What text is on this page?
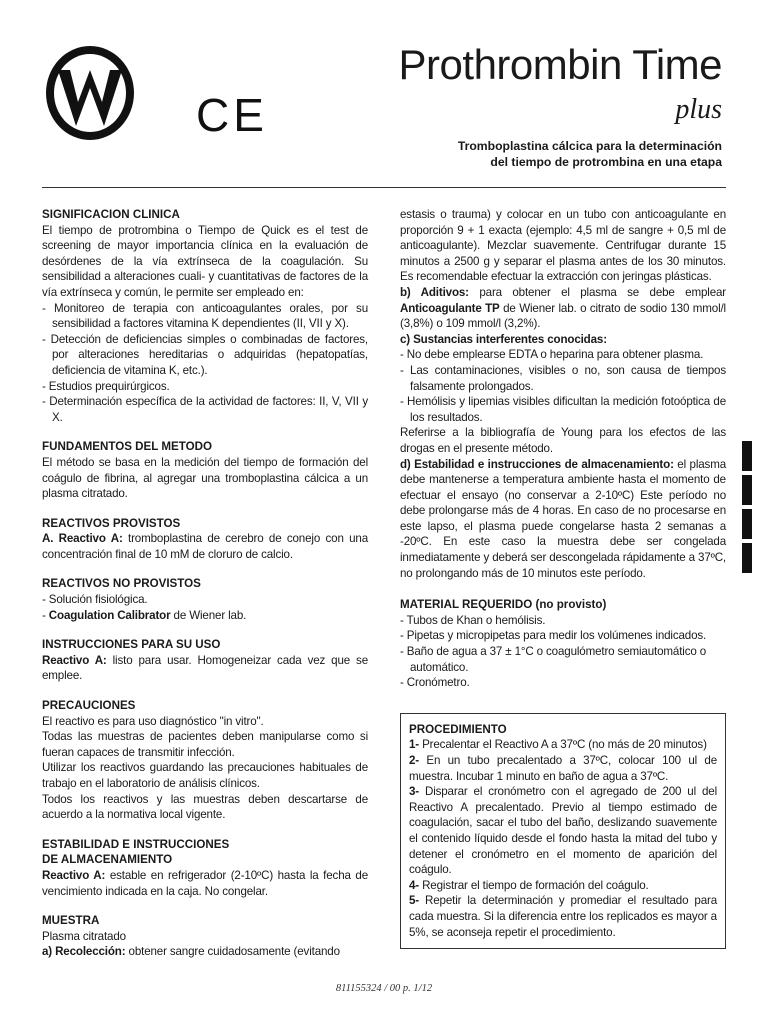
CE
Prothrombin Time
plus
Tromboplastina cálcica para la determinación
del tiempo de protrombina en una etapa
SIGNIFICACION CLINICA
El tiempo de protrombina o Tiempo de Quick es el test de screening de mayor importancia clínica en la evaluación de desórdenes de la vía extrínseca de la coagulación. Su sensibilidad a alteraciones cuali- y cuantitativas de factores de la vía extrínseca y común, le permite ser empleado en:
- Monitoreo de terapia con anticoagulantes orales, por su sensibilidad a factores vitamina K dependientes (II, VII y X).
- Detección de deficiencias simples o combinadas de factores, por alteraciones hereditarias o adquiridas (hepatopatías, deficiencia de vitamina K, etc.).
- Estudios prequirúrgicos.
- Determinación específica de la actividad de factores: II, V, VII y X.
FUNDAMENTOS DEL METODO
El método se basa en la medición del tiempo de formación del coágulo de fibrina, al agregar una tromboplastina cálcica a un plasma citratado.
REACTIVOS PROVISTOS
A. Reactivo A: tromboplastina de cerebro de conejo con una concentración final de 10 mM de cloruro de calcio.
REACTIVOS NO PROVISTOS
- Solución fisiológica.
- Coagulation Calibrator de Wiener lab.
INSTRUCCIONES PARA SU USO
Reactivo A: listo para usar. Homogeneizar cada vez que se emplee.
PRECAUCIONES
El reactivo es para uso diagnóstico "in vitro".
Todas las muestras de pacientes deben manipularse como si fueran capaces de transmitir infección.
Utilizar los reactivos guardando las precauciones habituales de trabajo en el laboratorio de análisis clínicos.
Todos los reactivos y las muestras deben descartarse de acuerdo a la normativa local vigente.
ESTABILIDAD E INSTRUCCIONES
DE ALMACENAMIENTO
Reactivo A: estable en refrigerador (2-10ºC) hasta la fecha de vencimiento indicada en la caja. No congelar.
MUESTRA
Plasma citratado
a) Recolección: obtener sangre cuidadosamente (evitando
estasis o trauma) y colocar en un tubo con anticoagulante en proporción 9 + 1 exacta (ejemplo: 4,5 ml de sangre + 0,5 ml de anticoagulante). Mezclar suavemente. Centrifugar durante 15 minutos a 2500 g y separar el plasma antes de los 30 minutos. Es recomendable efectuar la extracción con jeringas plásticas.
b) Aditivos: para obtener el plasma se debe emplear Anticoagulante TP de Wiener lab. o citrato de sodio 130 mmol/l (3,8%) o 109 mmol/l (3,2%).
c) Sustancias interferentes conocidas:
- No debe emplearse EDTA o heparina para obtener plasma.
- Las contaminaciones, visibles o no, son causa de tiempos falsamente prolongados.
- Hemólisis y lipemias visibles dificultan la medición fotoóptica de los resultados.
Referirse a la bibliografía de Young para los efectos de las drogas en el presente método.
d) Estabilidad e instrucciones de almacenamiento: el plasma debe mantenerse a temperatura ambiente hasta el momento de efectuar el ensayo (no conservar a 2-10ºC) Este período no debe prolongarse más de 4 horas. En caso de no procesarse en este lapso, el plasma puede congelarse hasta 2 semanas a -20ºC. En este caso la muestra debe ser congelada inmediatamente y deberá ser descongelada rápidamente a 37ºC, no prolongando más de 10 minutos este período.
MATERIAL REQUERIDO (no provisto)
- Tubos de Khan o hemólisis.
- Pipetas y micropipetas para medir los volúmenes indicados.
- Baño de agua a 37 ± 1°C o coagulómetro semiautomático o automático.
- Cronómetro.
PROCEDIMIENTO
1- Precalentar el Reactivo A a 37ºC (no más de 20 minutos)
2- En un tubo precalentado a 37ºC, colocar 100 ul de muestra. Incubar 1 minuto en baño de agua a 37ºC.
3- Disparar el cronómetro con el agregado de 200 ul del Reactivo A precalentado. Previo al tiempo estimado de coagulación, sacar el tubo del baño, deslizando suavemente el contenido líquido desde el fondo hasta la mitad del tubo y detener el cronómetro en el momento de aparición del coágulo.
4- Registrar el tiempo de formación del coágulo.
5- Repetir la determinación y promediar el resultado para cada muestra. Si la diferencia entre los replicados es mayor a 5%, se aconseja repetir el procedimiento.
811155324 / 00 p. 1/12
